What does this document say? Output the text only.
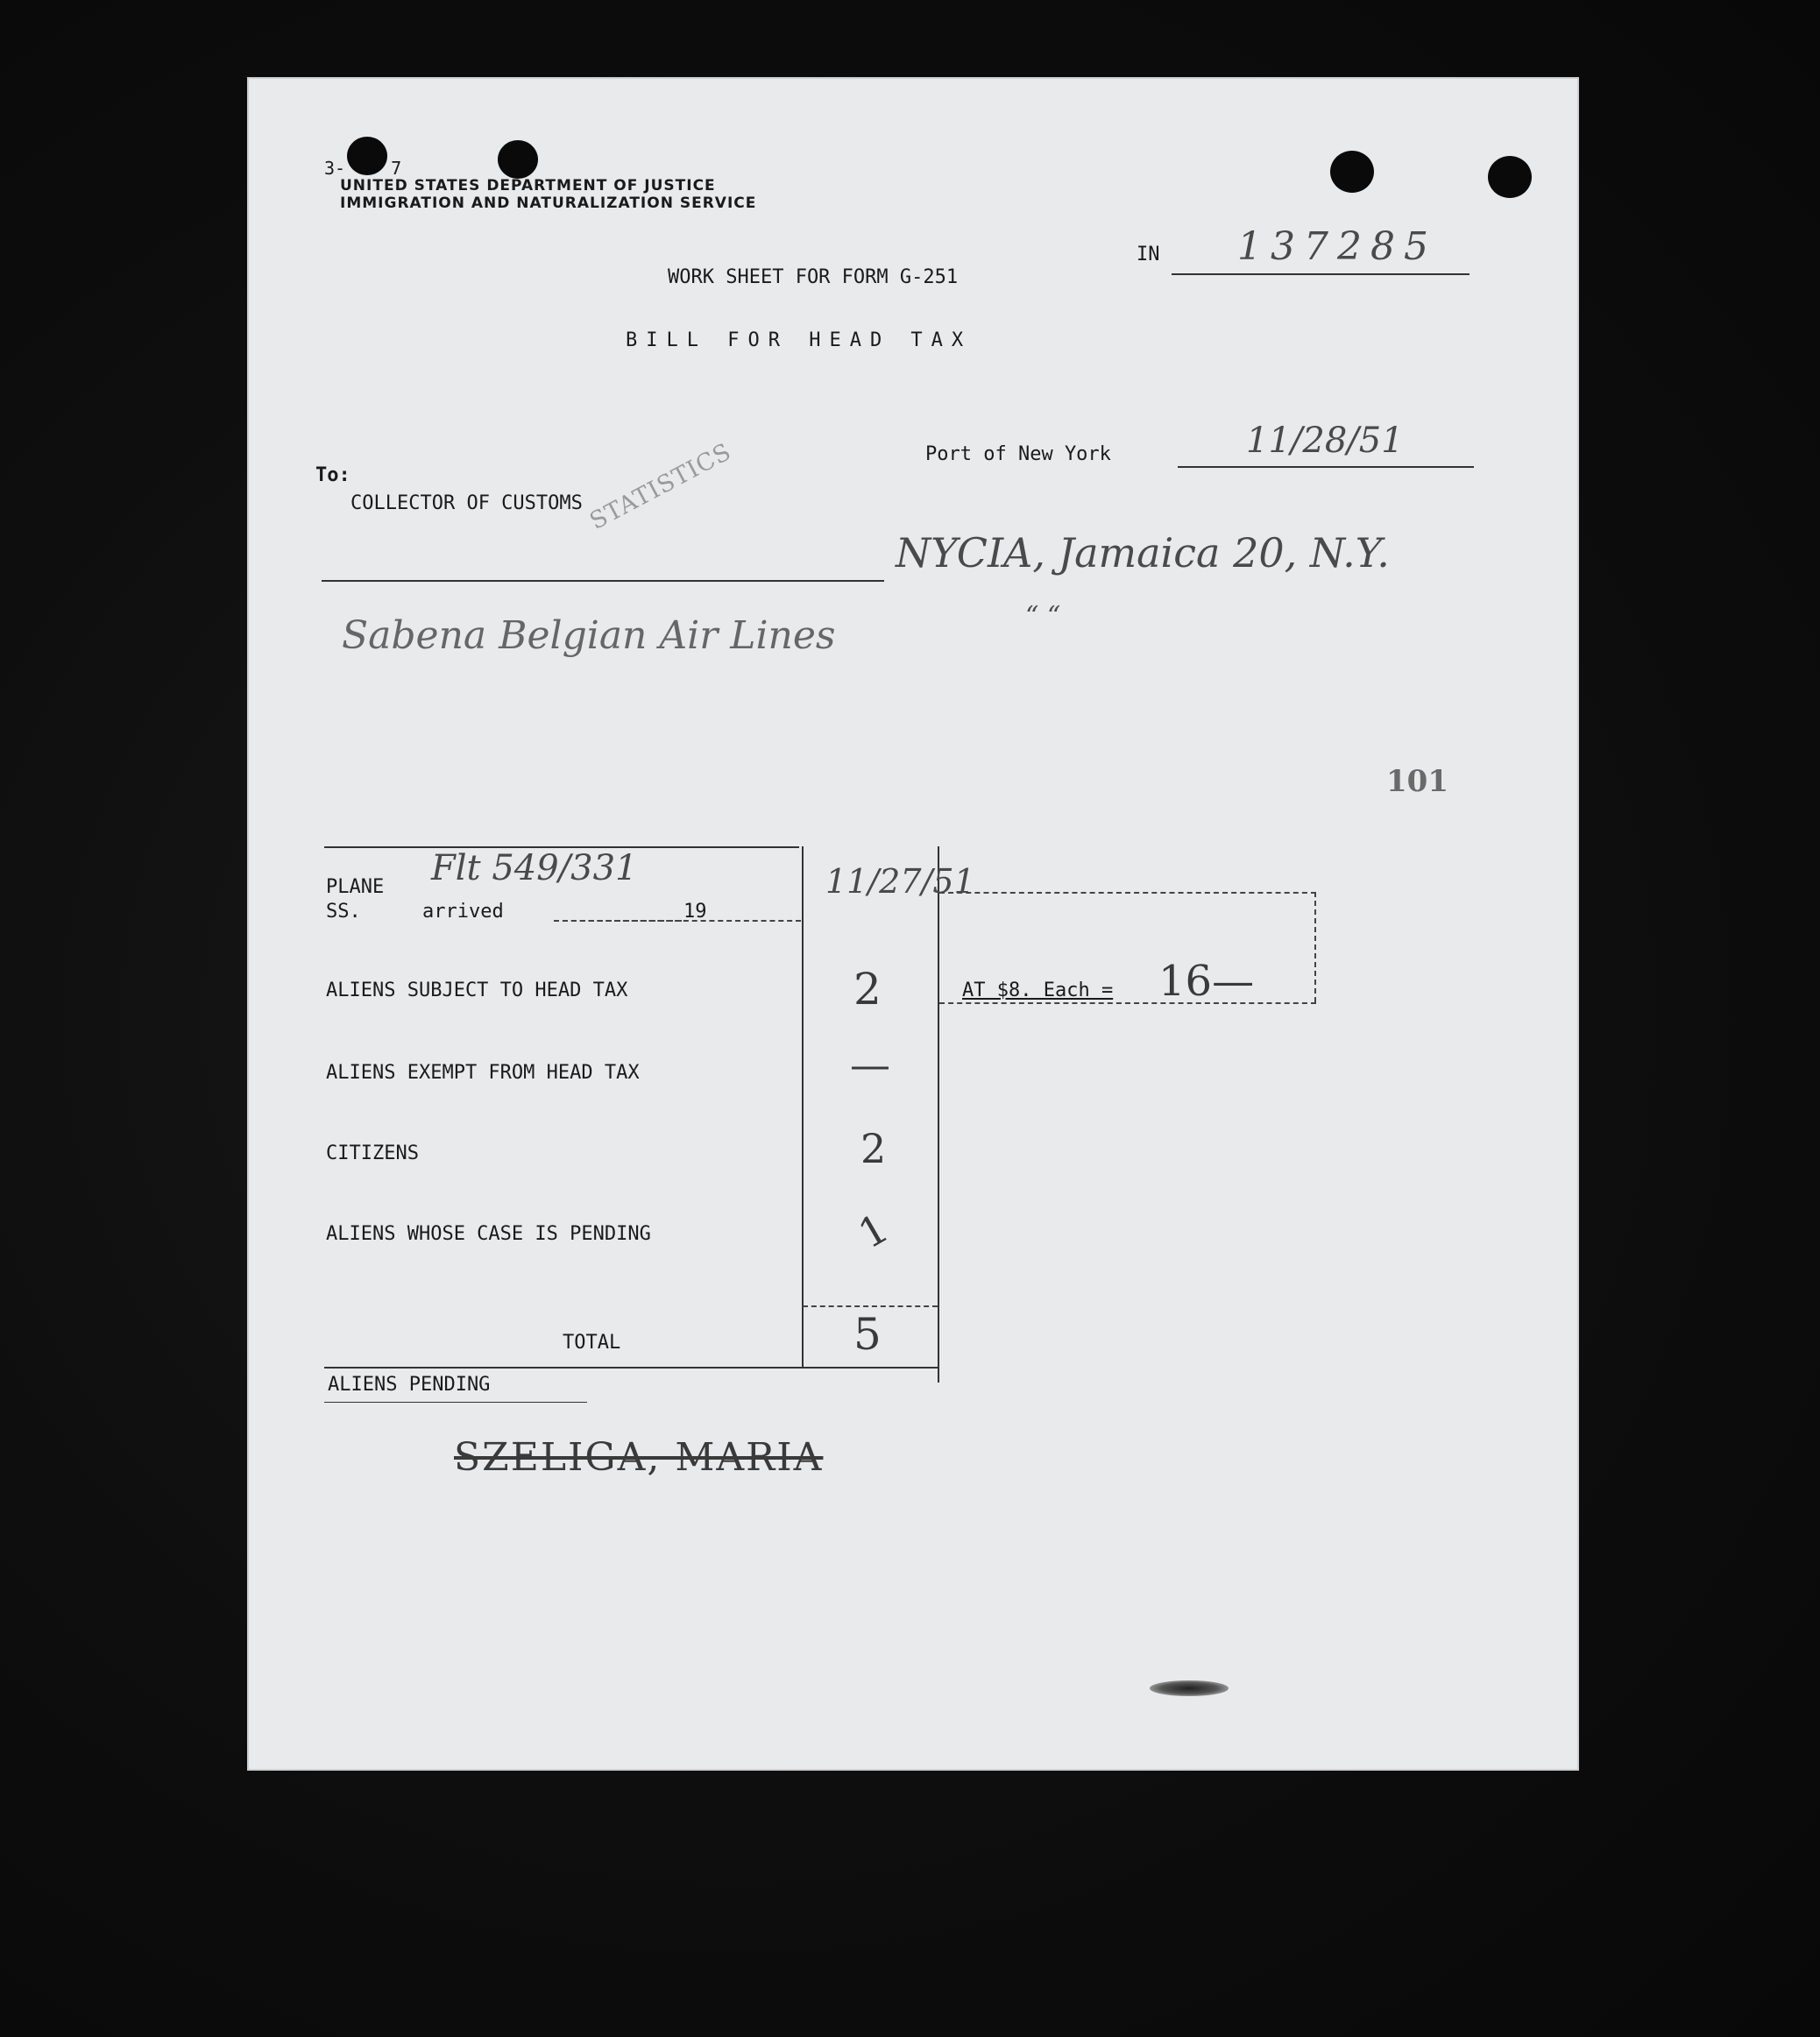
3-	7
UNITED STATES DEPARTMENT OF JUSTICE
IMMIGRATION AND NATURALIZATION SERVICE
IN 137285
WORK SHEET FOR FORM G-251
BILL FOR HEAD TAX
To:
COLLECTOR OF CUSTOMS STATISTICS	Port of New York	11/28/51
NYCIA, Jamaica 20, N.Y.
“ “
Sabena Belgian Air Lines
101
PLANE
SS.	arrived	19
Flt 549/331	11/27/51
ALIENS SUBJECT TO HEAD TAX	2
ALIENS EXEMPT FROM HEAD TAX	—
CITIZENS	2
ALIENS WHOSE CASE IS PENDING	1
AT $8. Each = 16—
TOTAL	5
ALIENS PENDING
SZELIGA, MARIA
